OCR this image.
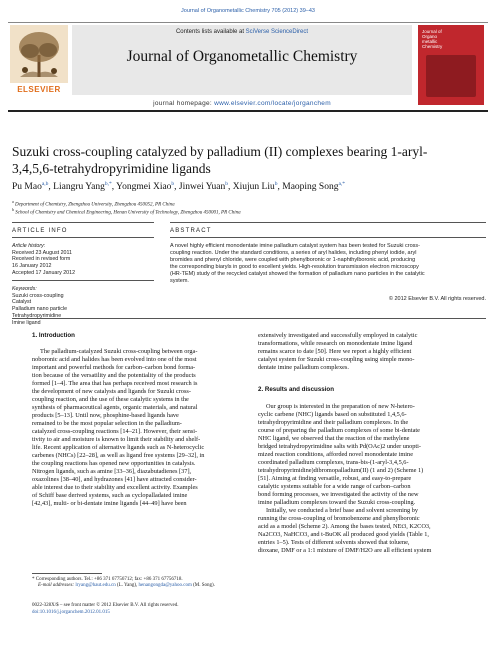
Journal of Organometallic Chemistry 705 (2012) 39–43
ELSEVIER
Contents lists available at SciVerse ScienceDirect
Journal of Organometallic Chemistry
journal homepage: www.elsevier.com/locate/jorganchem
Journal of
Organo
metallic
Chemistry
Suzuki cross-coupling catalyzed by palladium (II) complexes bearing 1-aryl-
3,4,5,6-tetrahydropyrimidine ligands
Pu Mao$^{a,b}$, Liangru Yang$^{b,*}$, Yongmei Xiao$^b$, Jinwei Yuan$^b$, Xiujun Liu$^b$, Maoping Song$^{a,*}$
$^a$ Department of Chemistry, Zhengzhou University, Zhengzhou 450052, PR China
$^b$ School of Chemistry and Chemical Engineering, Henan University of Technology, Zhengzhou 450001, PR China
ARTICLE INFO	ABSTRACT
Article history:
Received 23 August 2011
Received in revised form
16 January 2012
Accepted 17 January 2012
Keywords:
Suzuki cross-coupling
Catalyst
Palladium nano particle
Tetrahydropyrimidine
Imine ligand
A novel highly efficient monodentate imine palladium catalyst system has been tested for Suzuki cross-
coupling reaction. Under the standard conditions, a series of aryl halides, including phenyl iodide, aryl
bromides and phenyl chloride, were coupled with phenylboronic or 1-naphthylboronic acid, producing
the corresponding biaryls in good to excellent yields. High-resolution transmission electron microscopy
(HR-TEM) study of the recycled catalyst showed the formation of palladium nano particles in the catalytic
system.
© 2012 Elsevier B.V. All rights reserved.
1. Introduction
The palladium-catalyzed Suzuki cross-coupling between orga-
noboronic acid and halides has been evolved into one of the most
important and powerful methods for carbon–carbon bond forma-
tion because of the versatility and the potentiality of the products
formed [1–4]. The area that has perhaps received most research is
the development of new catalysts and ligands for Suzuki cross-
coupling reaction, and the use of these catalytic systems in the
synthesis of pharmaceutical agents, organic materials, and natural
products [5–13]. Until now, phosphine-based ligands have
remained to be the most popular selection in the palladium-
catalyzed cross-coupling reactions [14–21]. However, their sensi-
tivity to air and moisture is known to limit their stability and shelf-
life. Recent application of alternative ligands such as N-heterocyclic
carbenes (NHCs) [22–28], as well as ligand free systems [29–32], in
the coupling reactions has opened new opportunities in catalysis.
Nitrogen ligands, such as amine [33–36], diazabutadienes [37],
oxazolines [38–40], and hydrazones [41] have attracted consider-
able interest due to their stability and excellent activity. Examples
of Schiff base derived systems, such as cyclopalladated imine
[42,43], multi- or bi-dentate imine ligands [44–49] have been
extensively investigated and successfully employed in catalytic
transformations, while research on monodentate imine ligand
remains scarce to date [50]. Here we report a highly efficient
catalyst system for Suzuki cross-coupling using simple mono-
dentate imine palladium complexes.
2. Results and discussion
Our group is interested in the preparation of new N-hetero-
cyclic carbene (NHC) ligands based on substituted 1,4,5,6-
tetrahydropyrimidine and their palladium complexes. In the
course of preparing the palladium complexes of some bi-dentate
NHC ligand, we observed that the reaction of the methylene
bridged tetrahydropyrimidine salts with Pd(OAc)2 under unopti-
mized reaction conditions, afforded novel monodentate imine
coordinated palladium complexes, trans-bis-(1-aryl-3,4,5,6-
tetrahydropyrimidine)dibromopalladium(II) (1 and 2) (Scheme 1)
[51]. Aiming at finding versatile, robust, and easy-to-prepare
catalytic systems suitable for a wide range of carbon–carbon
bond forming processes, we investigated the activity of the new
imine palladium complexes toward the Suzuki cross-coupling.
Initially, we conducted a brief base and solvent screening by
running the cross-coupling of bromobenzene and phenylboronic
acid as a model (Scheme 2). Among the bases tested, NEt3, K2CO3,
Na2CO3, NaHCO3, and t-BuOK all produced good yields (Table 1,
entries 1–5). Tests of different solvents showed that toluene,
dioxane, DMF or a 1:1 mixture of DMF/H2O are all efficient system
* Corresponding authors. Tel.: +86 371 67756712; fax: +86 371 67756718.
E-mail addresses: lryang@haut.edu.cn (L. Yang), henangongda@yahoo.com (M. Song).
0022-328X/$ – see front matter © 2012 Elsevier B.V. All rights reserved.
doi:10.1016/j.jorganchem.2012.01.015
